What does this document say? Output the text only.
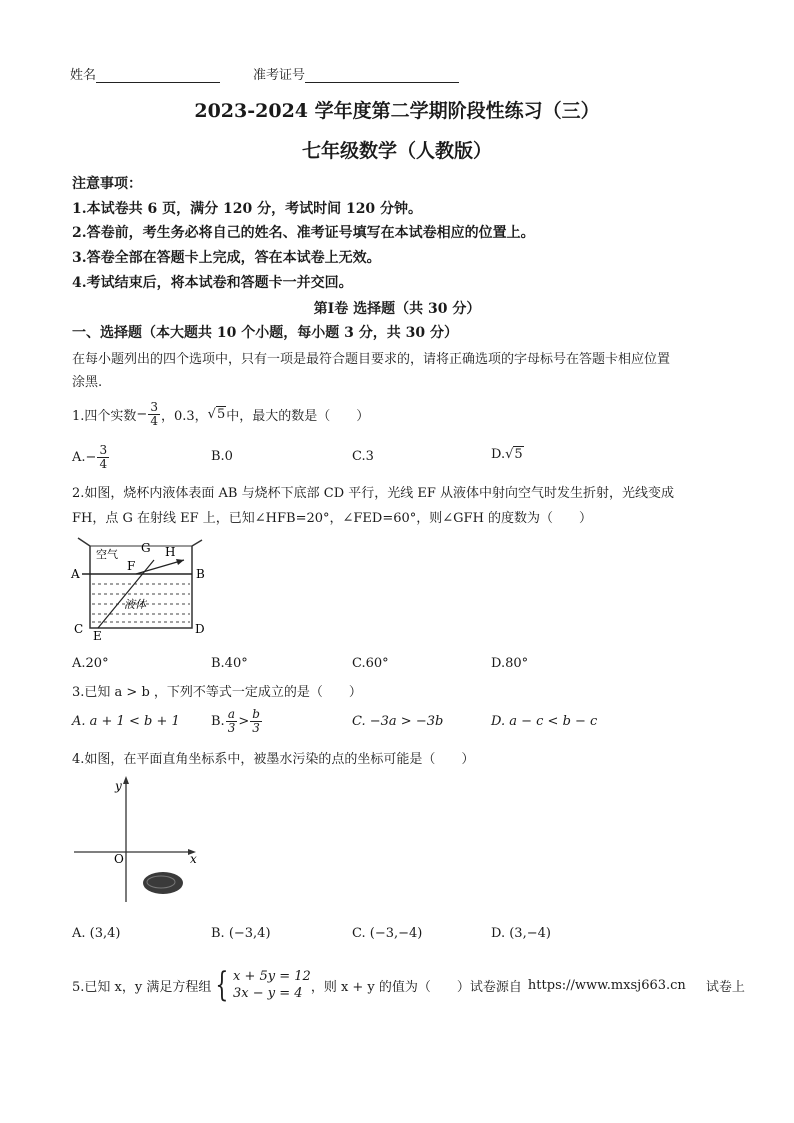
姓名	准考证号
2023-2024 学年度第二学期阶段性练习（三）
七年级数学（人教版）
注意事项：
1.本试卷共 6 页，满分 120 分，考试时间 120 分钟。
2.答卷前，考生务必将自己的姓名、准考证号填写在本试卷相应的位置上。
3.答卷全部在答题卡上完成，答在本试卷上无效。
4.考试结束后，将本试卷和答题卡一并交回。
第Ⅰ卷 选择题（共 30 分）
一、选择题（本大题共 10 个小题，每小题 3 分，共 30 分）
在每小题列出的四个选项中，只有一项是最符合题目要求的，请将正确选项的字母标号在答题卡相应位置
涂黑.
1.四个实数 − $\frac{3}{4}$ ，0.3， √5 中，最大的数是（　　）
A. − $\frac{3}{4}$	B.0	C.3	D.√5
2.如图，烧杯内液体表面 AB 与烧杯下底部 CD 平行，光线 EF 从液体中射向空气时发生折射，光线变成
FH，点 G 在射线 EF 上，已知∠HFB=20°，∠FED=60°，则∠GFH 的度数为（　　）
空气
液体
A	B
C	D
E
F
G H
A.20°	B.40°	C.60°	D.80°
3.已知 a > b ，下列不等式一定成立的是（　　）
A. a + 1 < b + 1 B. $\frac{a}{3} > \frac{b}{3}$	C. −3a > −3b	D. a − c < b − c
4.如图，在平面直角坐标系中，被墨水污染的点的坐标可能是（　　）
y
x
O
A. (3,4)	B. (−3,4)	C. (−3,−4)	D. (3,−4)
5.已知 x，y 满足方程组 { x + 5y = 12
3x − y = 4 ，则 x + y 的值为（　　）试卷源自 https://www.mxsj663.cn 试卷上
